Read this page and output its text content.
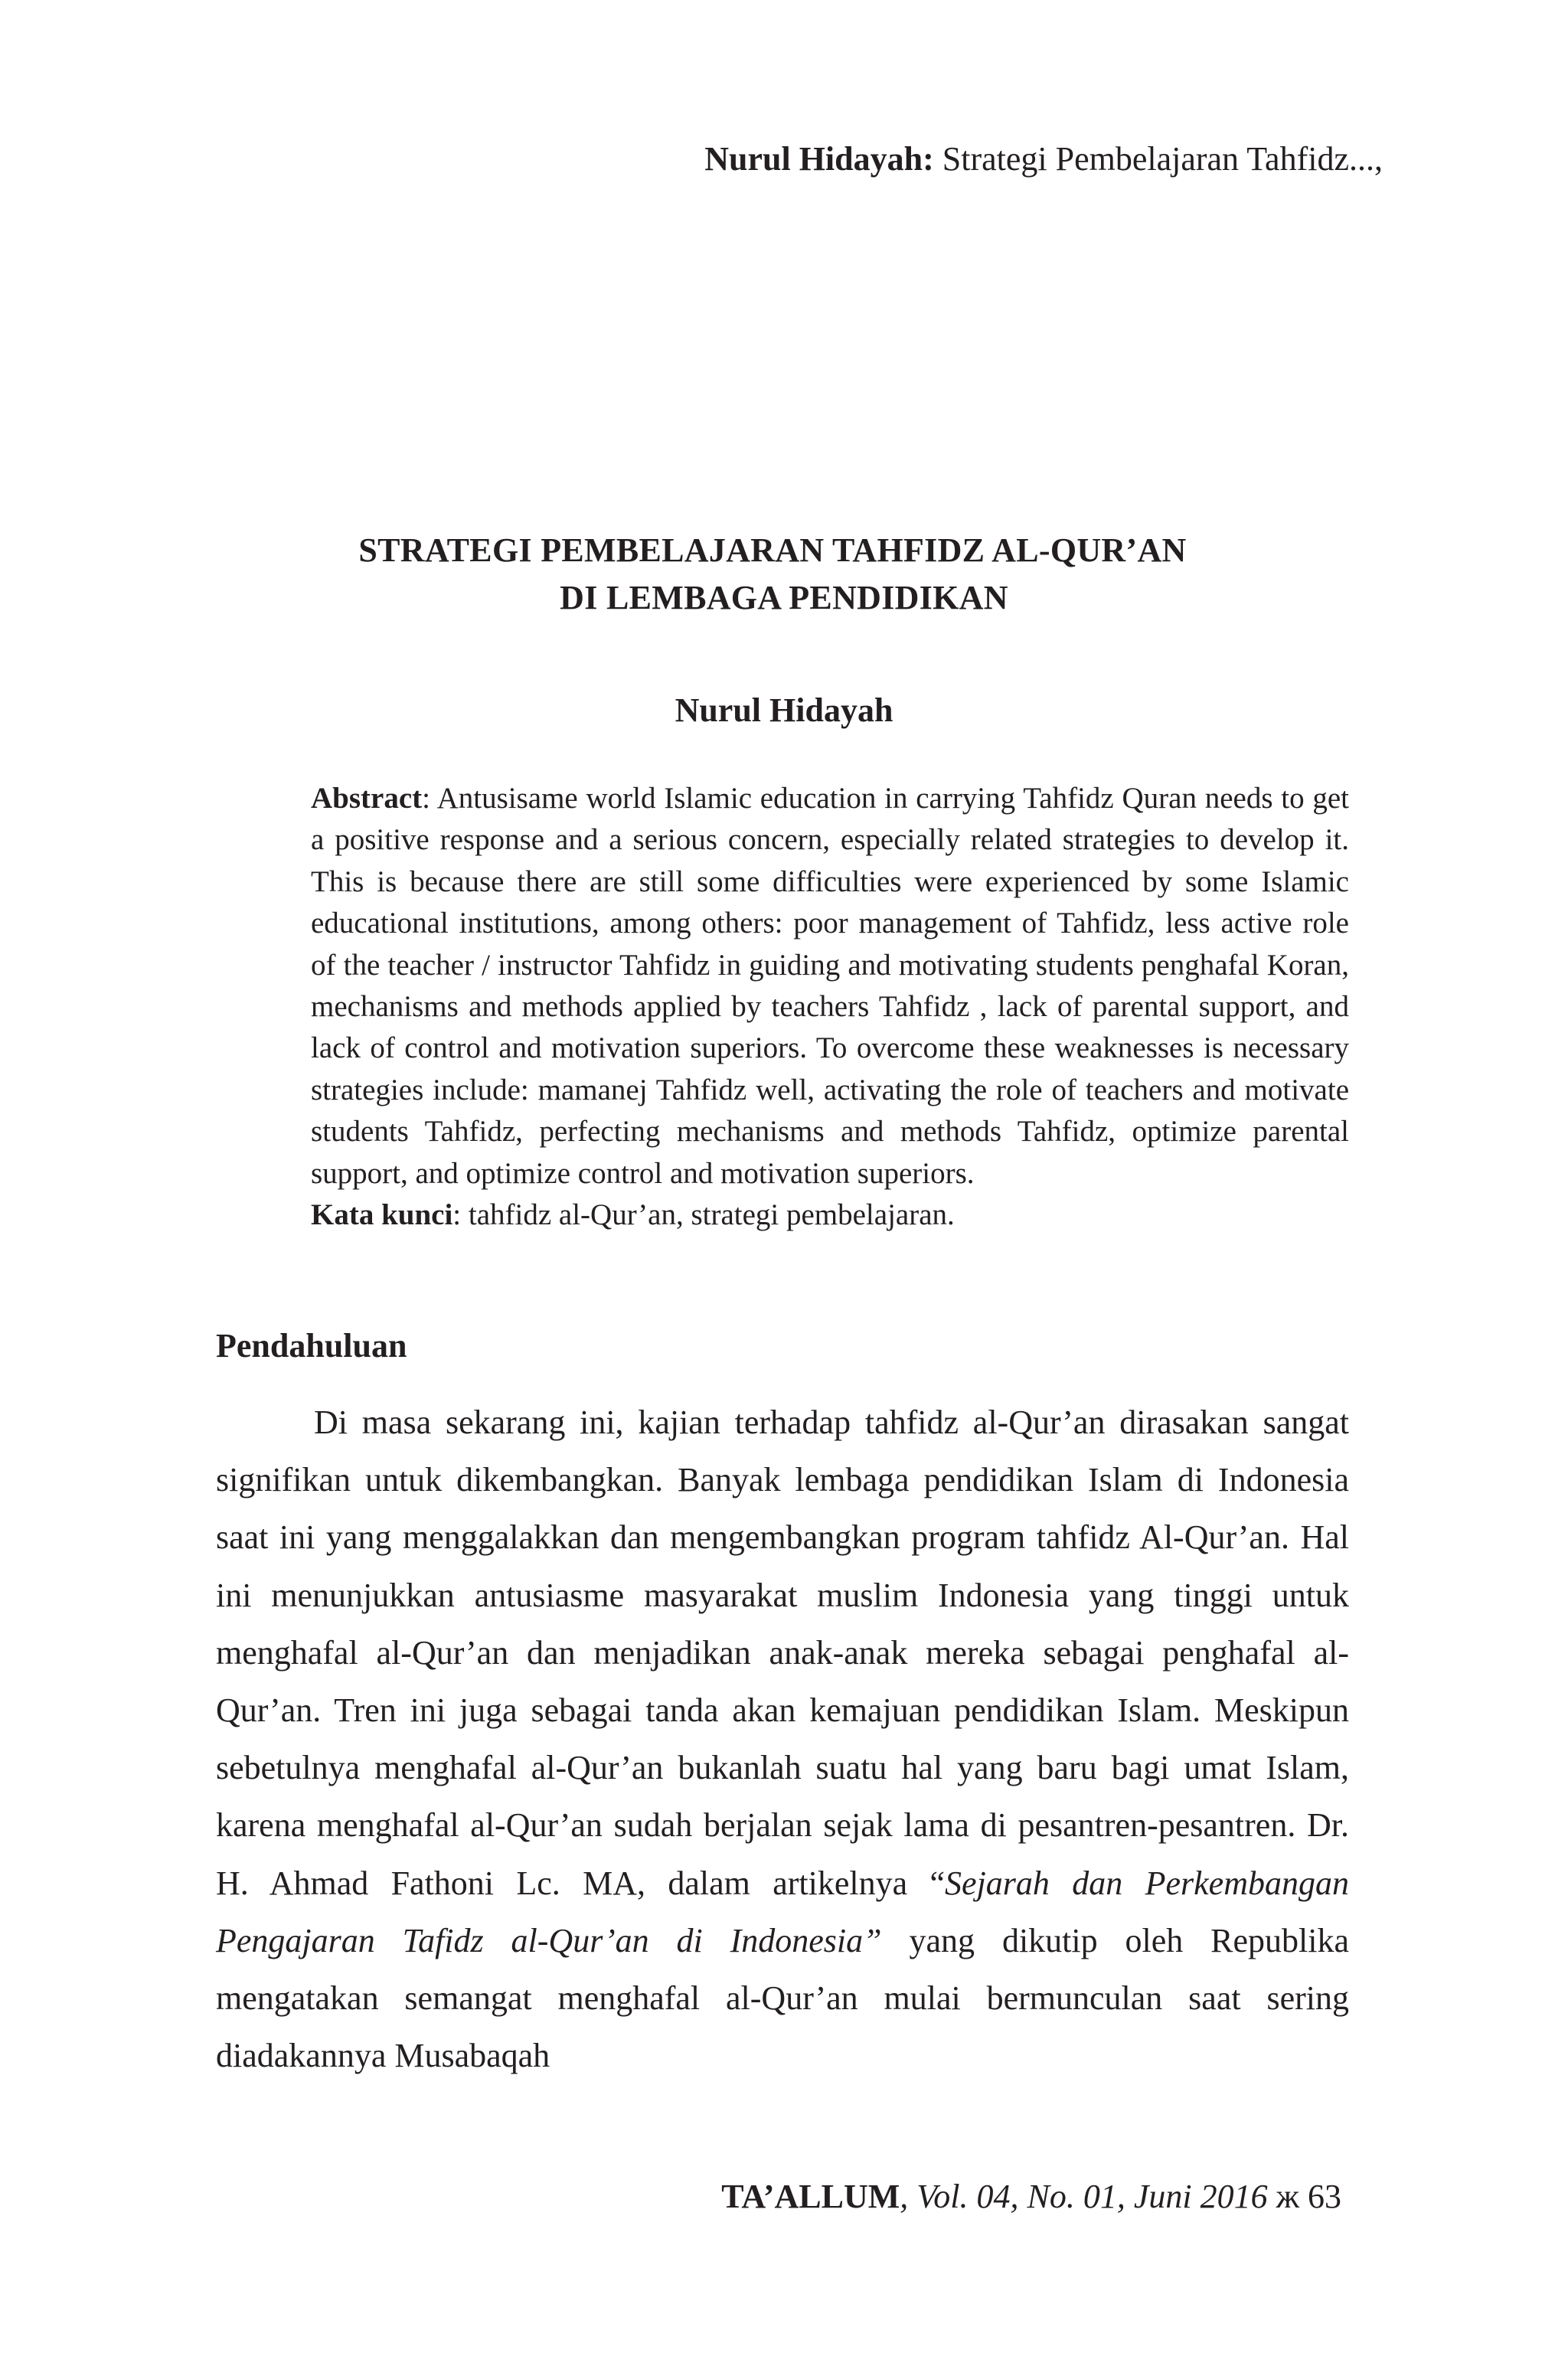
Nurul Hidayah: Strategi Pembelajaran Tahfidz...,
STRATEGI PEMBELAJARAN TAHFIDZ AL-QUR’AN
DI LEMBAGA PENDIDIKAN
Nurul Hidayah

Abstract: Antusisame world Islamic education in carrying Tahfidz Quran needs to get a positive response and a serious concern, especially related strategies to develop it. This is because there are still some difficulties were experienced by some Islamic educational institutions, among others: poor management of Tahfidz, less active role of the teacher / instructor Tahfidz in guiding and motivating students penghafal Koran, mechanisms and methods applied by teachers Tahfidz , lack of parental support, and lack of control and motivation superiors. To overcome these weaknesses is necessary strategies include: mamanej Tahfidz well, activating the role of teachers and motivate students Tahfidz, perfecting mechanisms and methods Tahfidz, optimize parental support, and optimize control and motivation superiors.

Kata kunci: tahfidz al-Qur’an, strategi pembelajaran.

Pendahuluan

Di masa sekarang ini, kajian terhadap tahfidz al-Qur’an dirasakan sangat signifikan untuk dikembangkan. Banyak lembaga pendidikan Islam di Indonesia saat ini yang menggalakkan dan mengembangkan program tahfidz Al-Qur’an. Hal ini menunjukkan antusiasme masyarakat muslim Indonesia yang tinggi untuk menghafal al-Qur’an dan menjadikan anak-anak mereka sebagai penghafal al-Qur’an. Tren ini juga sebagai tanda akan kemajuan pendidikan Islam. Meskipun sebetulnya menghafal al-Qur’an bukanlah suatu hal yang baru bagi umat Islam, karena menghafal al-Qur’an sudah berjalan sejak lama di pesantren-pesantren. Dr. H. Ahmad Fathoni Lc. MA, dalam artikelnya “Sejarah dan Perkembangan Pengajaran Tafidz al-Qur’an di Indonesia” yang dikutip oleh Republika mengatakan semangat menghafal al-Qur’an mulai bermunculan saat sering diadakannya Musabaqah

TA’ALLUM, Vol. 04, No. 01, Juni 2016 ж 63
